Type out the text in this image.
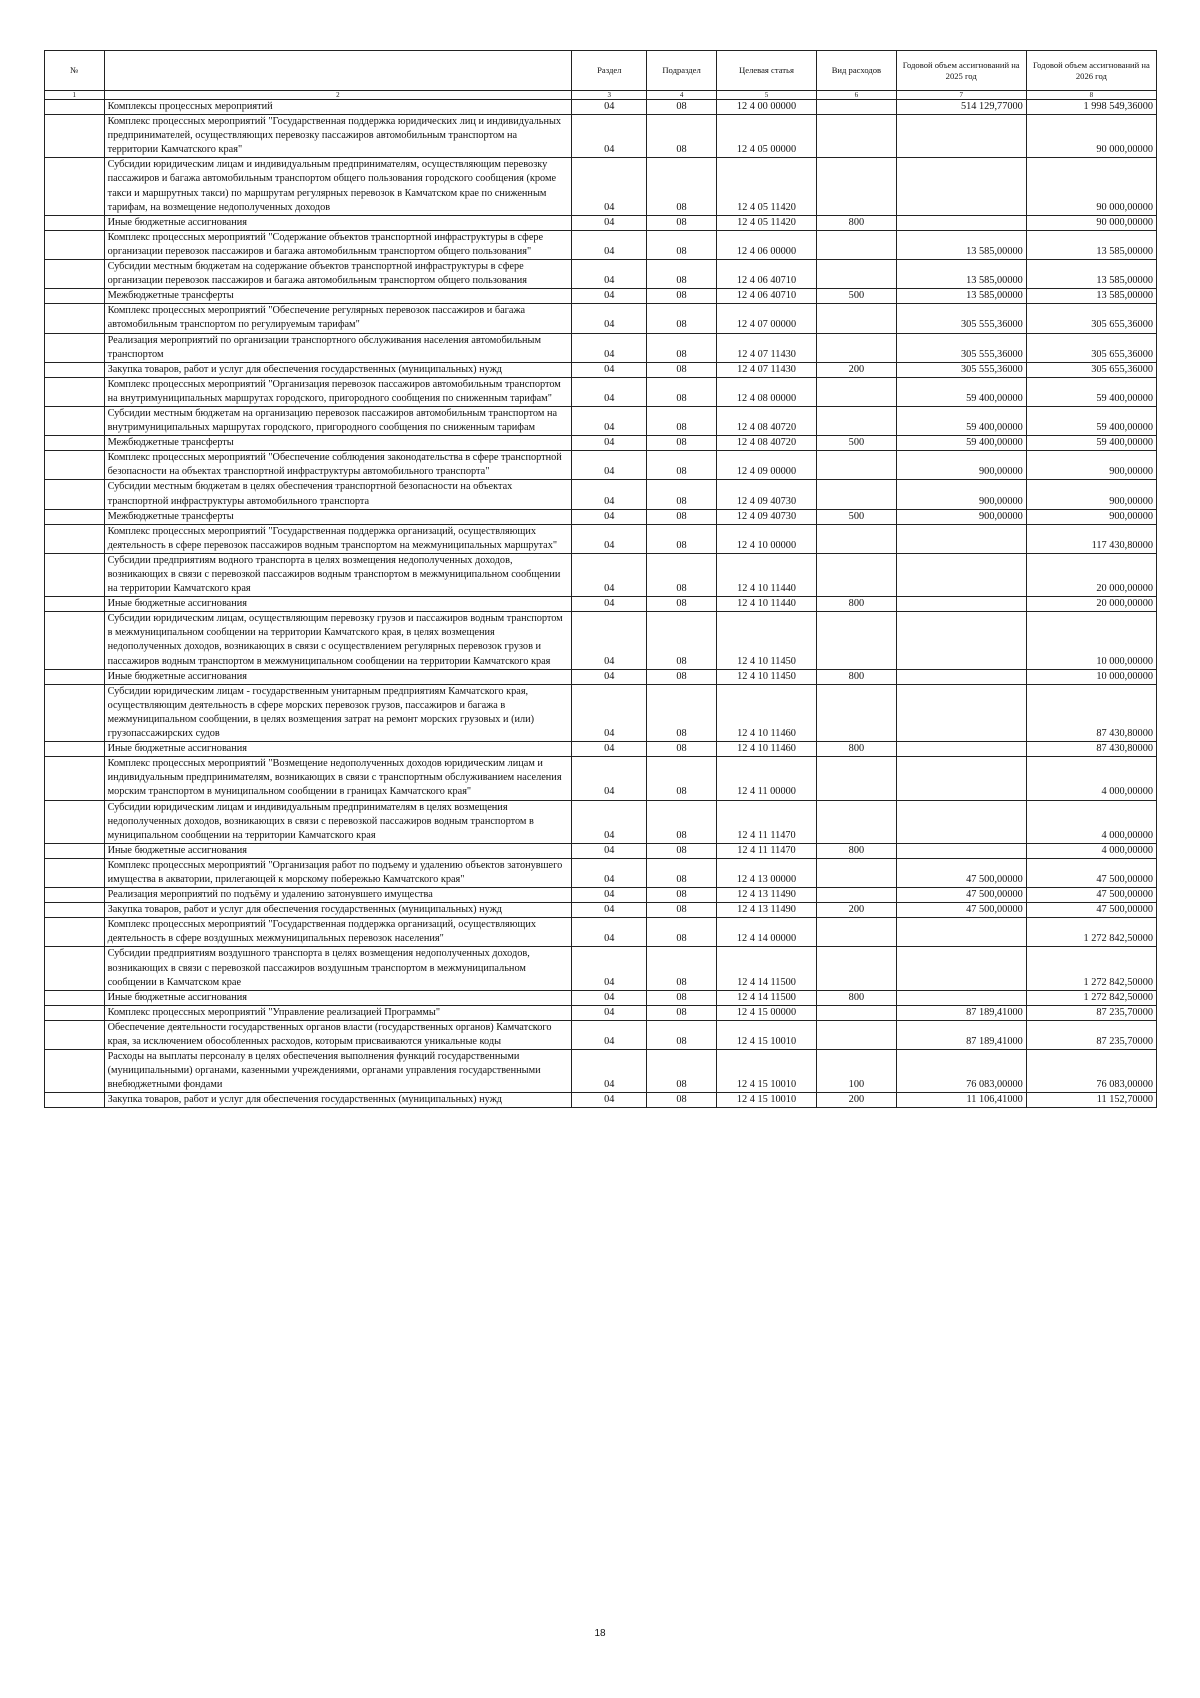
№		Раздел	Подраздел	Целевая статья	Вид расходов	Годовой объем ассигнований на 2025 год	Годовой объем ассигнований на 2026 год
1	2	3	4	5	6	7	8
	Комплексы процессных мероприятий	04	08	12 4 00 00000		514 129,77000	1 998 549,36000
	Комплекс процессных мероприятий "Государственная поддержка юридических лиц и индивидуальных предпринимателей, осуществляющих перевозку пассажиров автомобильным транспортом на территории Камчатского края"	04	08	12 4 05 00000			90 000,00000
	Субсидии юридическим лицам и индивидуальным предпринимателям, осуществляющим перевозку пассажиров и багажа автомобильным транспортом общего пользования городского сообщения (кроме такси и маршрутных такси) по маршрутам регулярных перевозок в Камчатском крае по сниженным тарифам, на возмещение недополученных доходов	04	08	12 4 05 11420			90 000,00000
	Иные бюджетные ассигнования	04	08	12 4 05 11420	800		90 000,00000
	Комплекс процессных мероприятий "Содержание объектов транспортной инфраструктуры в сфере организации перевозок пассажиров и багажа автомобильным транспортом общего пользования"	04	08	12 4 06 00000		13 585,00000	13 585,00000
	Субсидии местным бюджетам на содержание объектов транспортной инфраструктуры в сфере организации перевозок пассажиров и багажа автомобильным транспортом общего пользования	04	08	12 4 06 40710		13 585,00000	13 585,00000
	Межбюджетные трансферты	04	08	12 4 06 40710	500	13 585,00000	13 585,00000
	Комплекс процессных мероприятий "Обеспечение регулярных перевозок пассажиров и багажа автомобильным транспортом по регулируемым тарифам"	04	08	12 4 07 00000		305 555,36000	305 655,36000
	Реализация мероприятий по организации транспортного обслуживания населения автомобильным транспортом	04	08	12 4 07 11430		305 555,36000	305 655,36000
	Закупка товаров, работ и услуг для обеспечения государственных (муниципальных) нужд	04	08	12 4 07 11430	200	305 555,36000	305 655,36000
	Комплекс процессных мероприятий "Организация перевозок пассажиров автомобильным транспортом на внутримуниципальных маршрутах городского, пригородного сообщения по сниженным тарифам"	04	08	12 4 08 00000		59 400,00000	59 400,00000
	Субсидии местным бюджетам на организацию перевозок пассажиров автомобильным транспортом на внутримуниципальных маршрутах городского, пригородного сообщения по сниженным тарифам	04	08	12 4 08 40720		59 400,00000	59 400,00000
	Межбюджетные трансферты	04	08	12 4 08 40720	500	59 400,00000	59 400,00000
	Комплекс процессных мероприятий "Обеспечение соблюдения законодательства в сфере транспортной безопасности на объектах транспортной инфраструктуры автомобильного транспорта"	04	08	12 4 09 00000		900,00000	900,00000
	Субсидии местным бюджетам в целях обеспечения транспортной безопасности на объектах транспортной инфраструктуры автомобильного транспорта	04	08	12 4 09 40730		900,00000	900,00000
	Межбюджетные трансферты	04	08	12 4 09 40730	500	900,00000	900,00000
	Комплекс процессных мероприятий "Государственная поддержка организаций, осуществляющих деятельность в сфере перевозок пассажиров водным транспортом на межмуниципальных маршрутах"	04	08	12 4 10 00000			117 430,80000
	Субсидии предприятиям водного транспорта в целях возмещения недополученных доходов, возникающих в связи с перевозкой пассажиров водным транспортом в межмуниципальном сообщении на территории Камчатского края	04	08	12 4 10 11440			20 000,00000
	Иные бюджетные ассигнования	04	08	12 4 10 11440	800		20 000,00000
	Субсидии юридическим лицам, осуществляющим перевозку грузов и пассажиров водным транспортом в межмуниципальном сообщении на территории Камчатского края, в целях возмещения недополученных доходов, возникающих в связи с осуществлением регулярных перевозок грузов и пассажиров водным транспортом в межмуниципальном сообщении на территории Камчатского края	04	08	12 4 10 11450			10 000,00000
	Иные бюджетные ассигнования	04	08	12 4 10 11450	800		10 000,00000
	Субсидии юридическим лицам - государственным унитарным предприятиям Камчатского края, осуществляющим деятельность в сфере морских перевозок грузов, пассажиров и багажа в межмуниципальном сообщении, в целях возмещения затрат на ремонт морских грузовых и (или) грузопассажирских судов	04	08	12 4 10 11460			87 430,80000
	Иные бюджетные ассигнования	04	08	12 4 10 11460	800		87 430,80000
	Комплекс процессных мероприятий "Возмещение недополученных доходов юридическим лицам и индивидуальным предпринимателям, возникающих в связи с транспортным обслуживанием населения морским транспортом в муниципальном сообщении в границах Камчатского края"	04	08	12 4 11 00000			4 000,00000
	Субсидии юридическим лицам и индивидуальным предпринимателям в целях возмещения недополученных доходов, возникающих в связи с перевозкой пассажиров водным транспортом в муниципальном сообщении на территории Камчатского края	04	08	12 4 11 11470			4 000,00000
	Иные бюджетные ассигнования	04	08	12 4 11 11470	800		4 000,00000
	Комплекс процессных мероприятий "Организация работ по подъему и удалению объектов затонувшего имущества в акватории, прилегающей к морскому побережью Камчатского края"	04	08	12 4 13 00000		47 500,00000	47 500,00000
	Реализация мероприятий по подъёму и удалению затонувшего имущества	04	08	12 4 13 11490		47 500,00000	47 500,00000
	Закупка товаров, работ и услуг для обеспечения государственных (муниципальных) нужд	04	08	12 4 13 11490	200	47 500,00000	47 500,00000
	Комплекс процессных мероприятий "Государственная поддержка организаций, осуществляющих деятельность в сфере воздушных межмуниципальных перевозок населения"	04	08	12 4 14 00000			1 272 842,50000
	Субсидии предприятиям воздушного транспорта в целях возмещения недополученных доходов, возникающих в связи с перевозкой пассажиров воздушным транспортом в межмуниципальном сообщении в Камчатском крае	04	08	12 4 14 11500			1 272 842,50000
	Иные бюджетные ассигнования	04	08	12 4 14 11500	800		1 272 842,50000
	Комплекс процессных мероприятий "Управление реализацией Программы"	04	08	12 4 15 00000		87 189,41000	87 235,70000
	Обеспечение деятельности государственных органов власти (государственных органов) Камчатского края, за исключением обособленных расходов, которым присваиваются уникальные коды	04	08	12 4 15 10010		87 189,41000	87 235,70000
	Расходы на выплаты персоналу в целях обеспечения выполнения функций государственными (муниципальными) органами, казенными учреждениями, органами управления государственными внебюджетными фондами	04	08	12 4 15 10010	100	76 083,00000	76 083,00000
	Закупка товаров, работ и услуг для обеспечения государственных (муниципальных) нужд	04	08	12 4 15 10010	200	11 106,41000	11 152,70000
18
